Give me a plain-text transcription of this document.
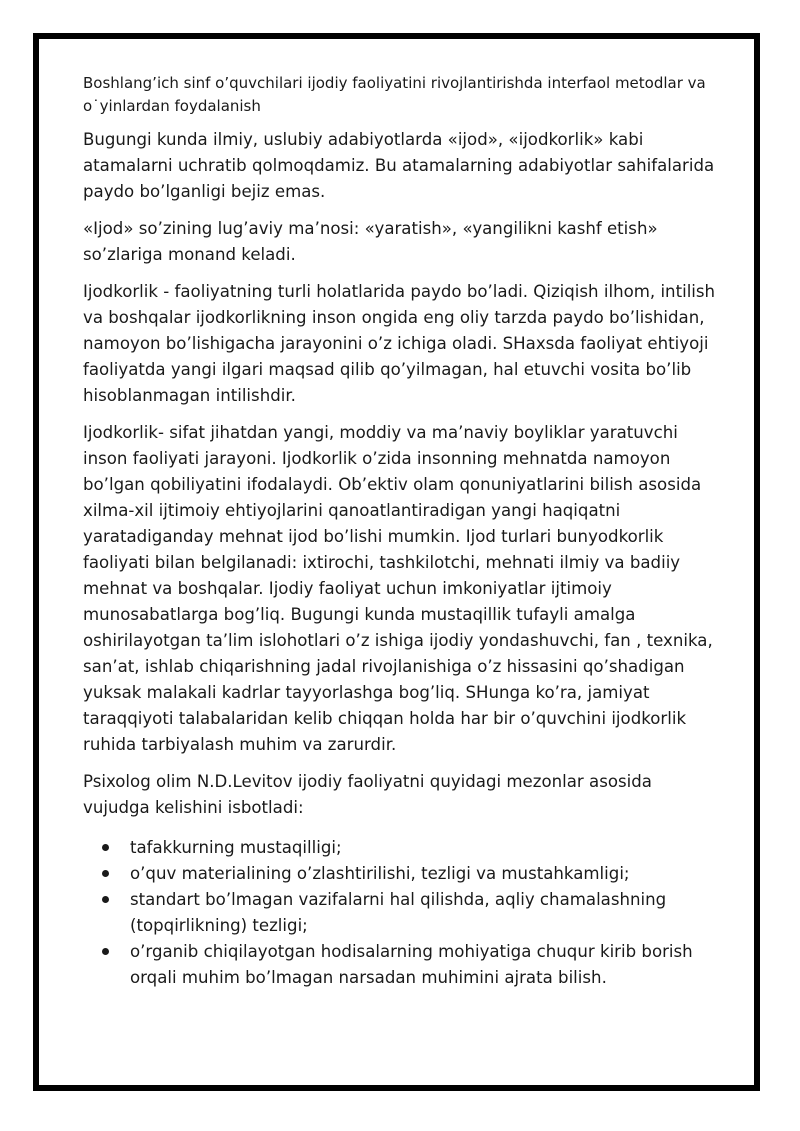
Boshlang’ich sinf o’quvchilari ijodiy faoliyatini rivojlantirishda interfaol metodlar va o˙yinlardan foydalanish

Bugungi kunda ilmiy, uslubiy adabiyotlarda «ijod», «ijodkorlik» kabi atamalarni uchratib qolmoqdamiz. Bu atamalarning adabiyotlar sahifalarida paydo bo’lganligi bejiz emas.

«Ijod» so’zining lug’aviy ma’nosi: «yaratish», «yangilikni kashf etish» so’zlariga monand keladi.

Ijodkorlik - faoliyatning turli holatlarida paydo bo’ladi. Qiziqish ilhom, intilish va boshqalar ijodkorlikning inson ongida eng oliy tarzda paydo bo’lishidan, namoyon bo’lishigacha jarayonini o’z ichiga oladi. SHaxsda faoliyat ehtiyoji faoliyatda yangi ilgari maqsad qilib qo’yilmagan, hal etuvchi vosita bo’lib hisoblanmagan intilishdir.

Ijodkorlik- sifat jihatdan yangi, moddiy va ma’naviy boyliklar yaratuvchi inson faoliyati jarayoni. Ijodkorlik o’zida insonning mehnatda namoyon bo’lgan qobiliyatini ifodalaydi. Ob’ektiv olam qonuniyatlarini bilish asosida xilma-xil ijtimoiy ehtiyojlarini qanoatlantiradigan yangi haqiqatni yaratadiganday mehnat ijod bo’lishi mumkin. Ijod turlari bunyodkorlik faoliyati bilan belgilanadi: ixtirochi, tashkilotchi, mehnati ilmiy va badiiy mehnat va boshqalar. Ijodiy faoliyat uchun imkoniyatlar ijtimoiy munosabatlarga bog’liq. Bugungi kunda mustaqillik tufayli amalga oshirilayotgan ta’lim islohotlari o’z ishiga ijodiy yondashuvchi, fan , texnika, san’at, ishlab chiqarishning jadal rivojlanishiga o’z hissasini qo’shadigan yuksak malakali kadrlar tayyorlashga bog’liq. SHunga ko’ra, jamiyat taraqqiyoti talabalaridan kelib chiqqan holda har bir o’quvchini ijodkorlik ruhida tarbiyalash muhim va zarurdir.

Psixolog olim N.D.Levitov ijodiy faoliyatni quyidagi mezonlar asosida vujudga kelishini isbotladi:

tafakkurning mustaqilligi;
o’quv materialining o’zlashtirilishi, tezligi va mustahkamligi;
standart bo’lmagan vazifalarni hal qilishda, aqliy chamalashning (topqirlikning) tezligi;
o’rganib chiqilayotgan hodisalarning mohiyatiga chuqur kirib borish orqali muhim bo’lmagan narsadan muhimini ajrata bilish.
